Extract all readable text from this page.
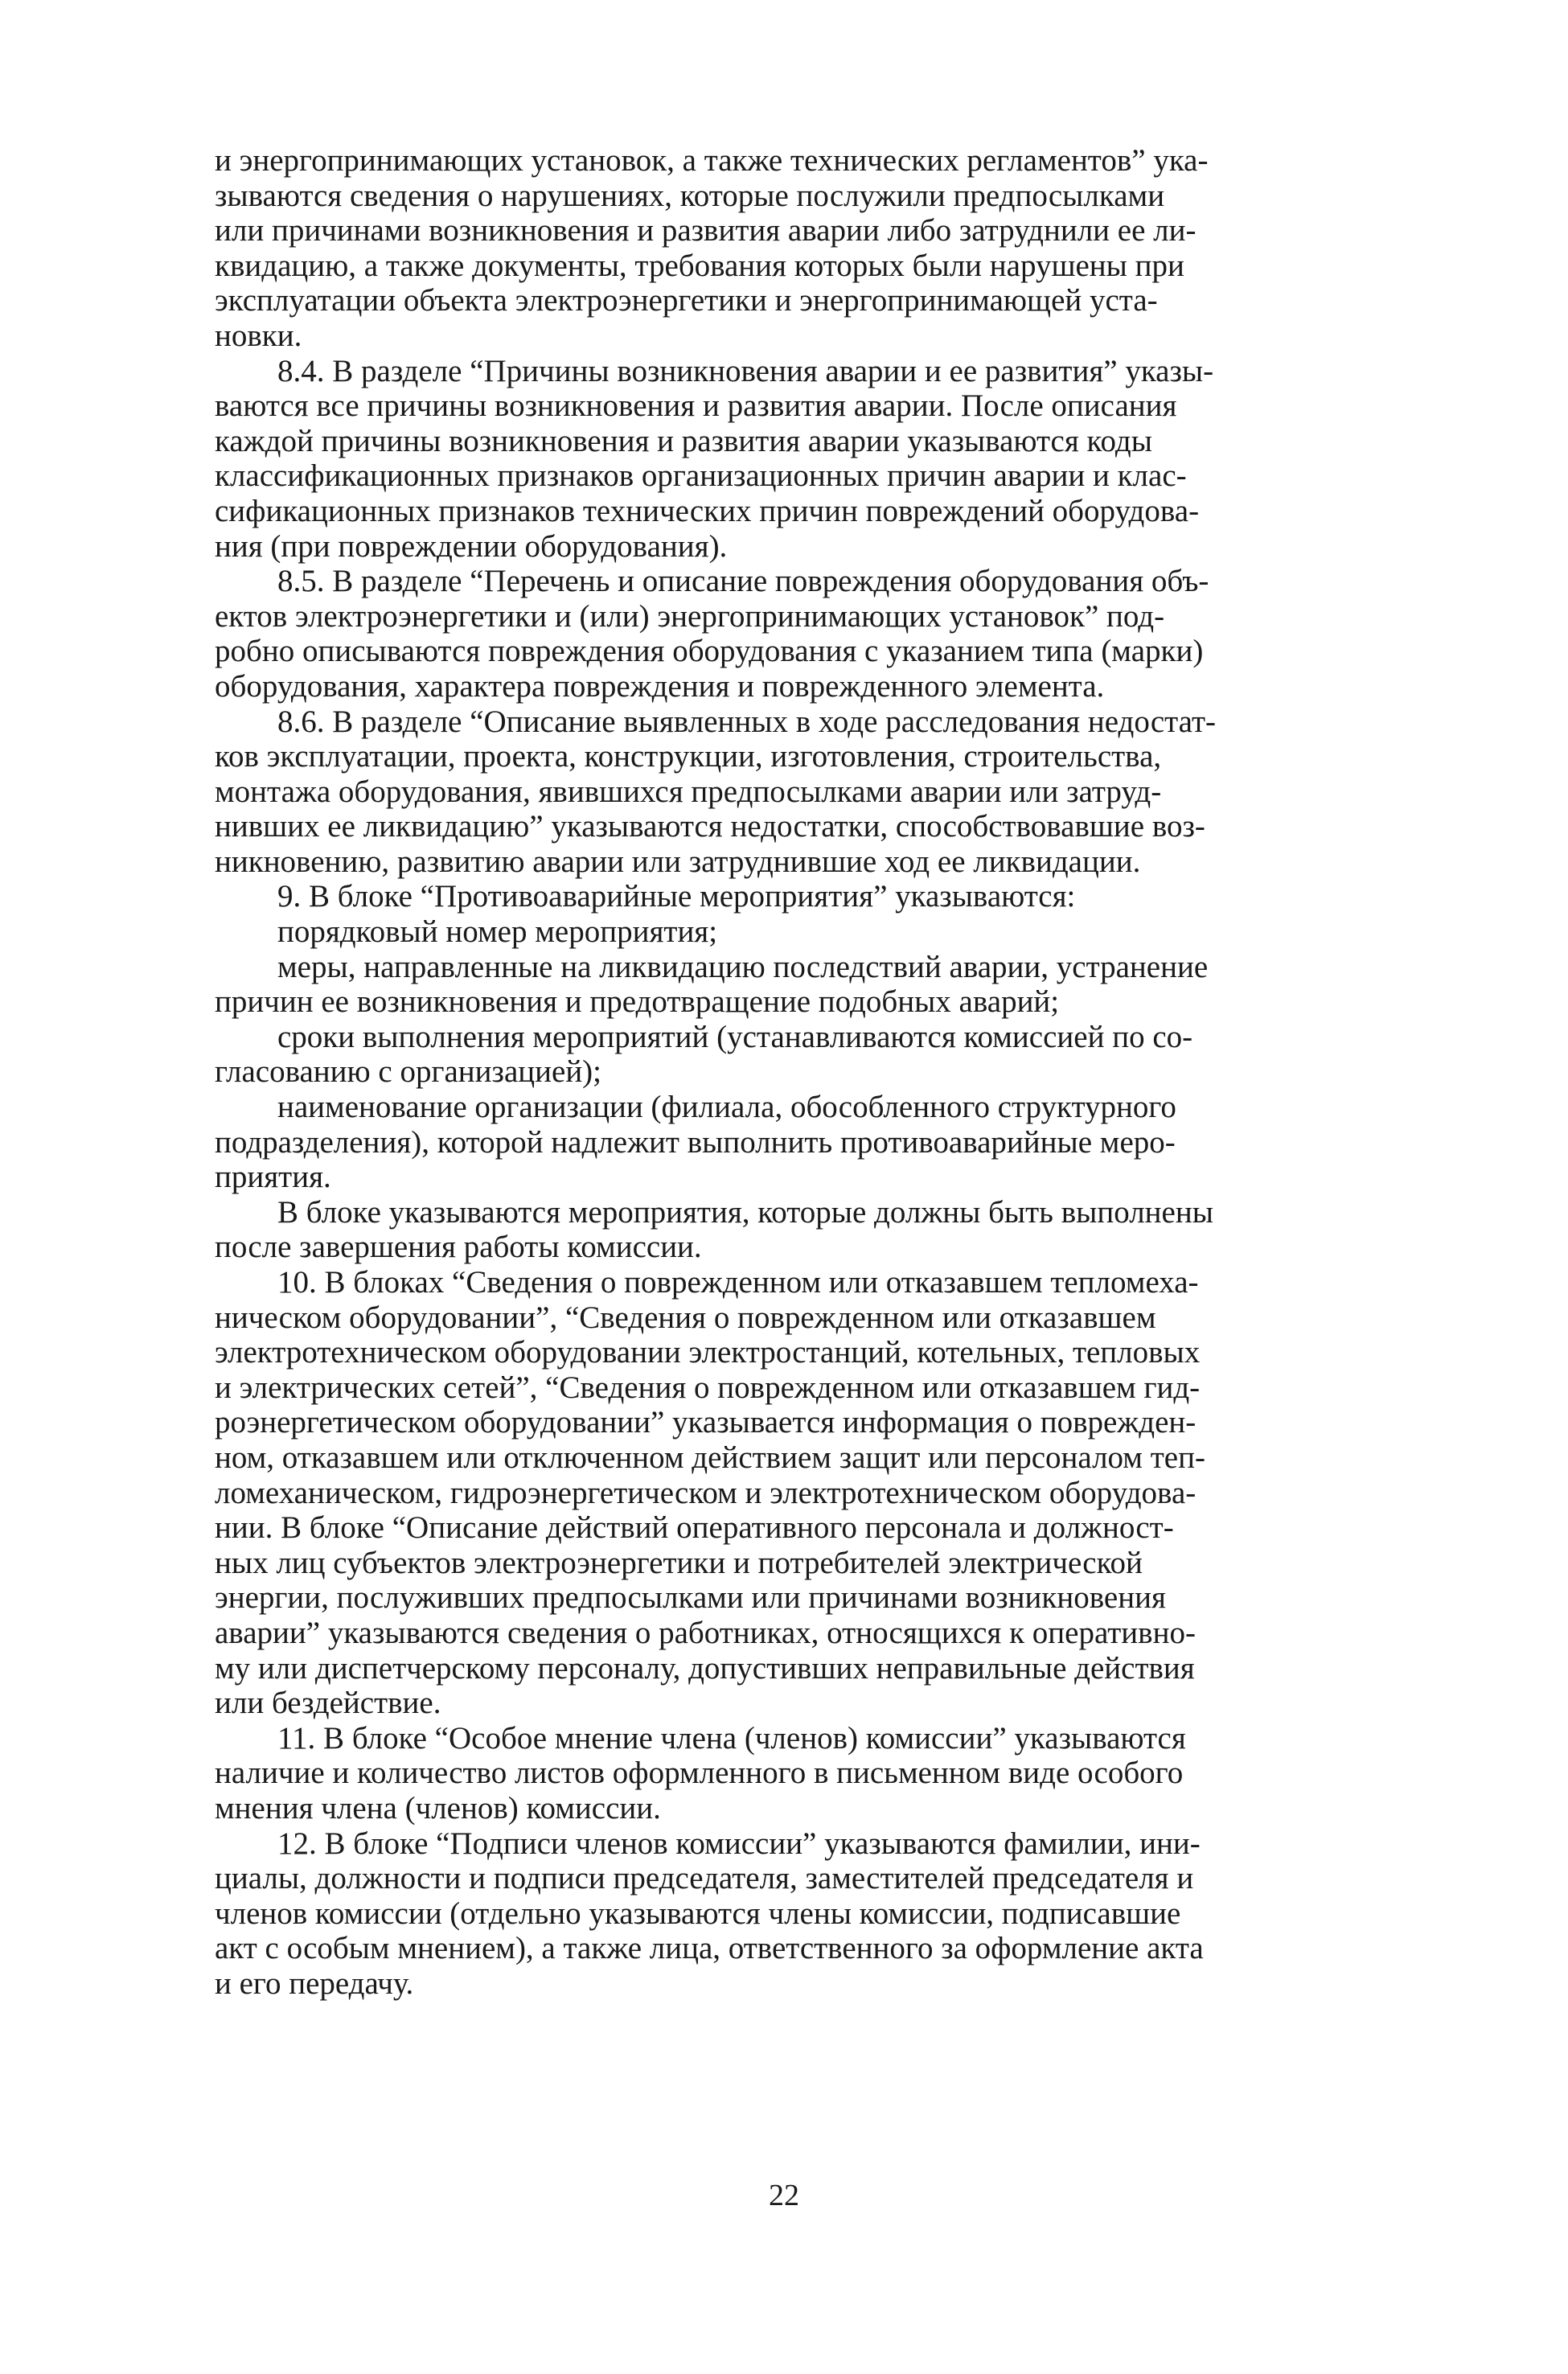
и энергопринимающих установок, а также технических регламентов” ука-
зываются сведения о нарушениях, которые послужили предпосылками
или причинами возникновения и развития аварии либо затруднили ее ли-
квидацию, а также документы, требования которых были нарушены при
эксплуатации объекта электроэнергетики и энергопринимающей уста-
новки.

8.4. В разделе “Причины возникновения аварии и ее развития” указы-
ваются все причины возникновения и развития аварии. После описания
каждой причины возникновения и развития аварии указываются коды
классификационных признаков организационных причин аварии и клас-
сификационных признаков технических причин повреждений оборудова-
ния (при повреждении оборудования).

8.5. В разделе “Перечень и описание повреждения оборудования объ-
ектов электроэнергетики и (или) энергопринимающих установок” под-
робно описываются повреждения оборудования с указанием типа (марки)
оборудования, характера повреждения и поврежденного элемента.

8.6. В разделе “Описание выявленных в ходе расследования недостат-
ков эксплуатации, проекта, конструкции, изготовления, строительства,
монтажа оборудования, явившихся предпосылками аварии или затруд-
нивших ее ликвидацию” указываются недостатки, способствовавшие воз-
никновению, развитию аварии или затруднившие ход ее ликвидации.

9. В блоке “Противоаварийные мероприятия” указываются:

порядковый номер мероприятия;

меры, направленные на ликвидацию последствий аварии, устранение
причин ее возникновения и предотвращение подобных аварий;

сроки выполнения мероприятий (устанавливаются комиссией по со-
гласованию с организацией);

наименование организации (филиала, обособленного структурного
подразделения), которой надлежит выполнить противоаварийные меро-
приятия.

В блоке указываются мероприятия, которые должны быть выполнены
после завершения работы комиссии.

10. В блоках “Сведения о поврежденном или отказавшем тепломеха-
ническом оборудовании”, “Сведения о поврежденном или отказавшем
электротехническом оборудовании электростанций, котельных, тепловых
и электрических сетей”, “Сведения о поврежденном или отказавшем гид-
роэнергетическом оборудовании” указывается информация о поврежден-
ном, отказавшем или отключенном действием защит или персоналом теп-
ломеханическом, гидроэнергетическом и электротехническом оборудова-
нии. В блоке “Описание действий оперативного персонала и должност-
ных лиц субъектов электроэнергетики и потребителей электрической
энергии, послуживших предпосылками или причинами возникновения
аварии” указываются сведения о работниках, относящихся к оперативно-
му или диспетчерскому персоналу, допустивших неправильные действия
или бездействие.

11. В блоке “Особое мнение члена (членов) комиссии” указываются
наличие и количество листов оформленного в письменном виде особого
мнения члена (членов) комиссии.

12. В блоке “Подписи членов комиссии” указываются фамилии, ини-
циалы, должности и подписи председателя, заместителей председателя и
членов комиссии (отдельно указываются члены комиссии, подписавшие
акт с особым мнением), а также лица, ответственного за оформление акта
и его передачу.

22
